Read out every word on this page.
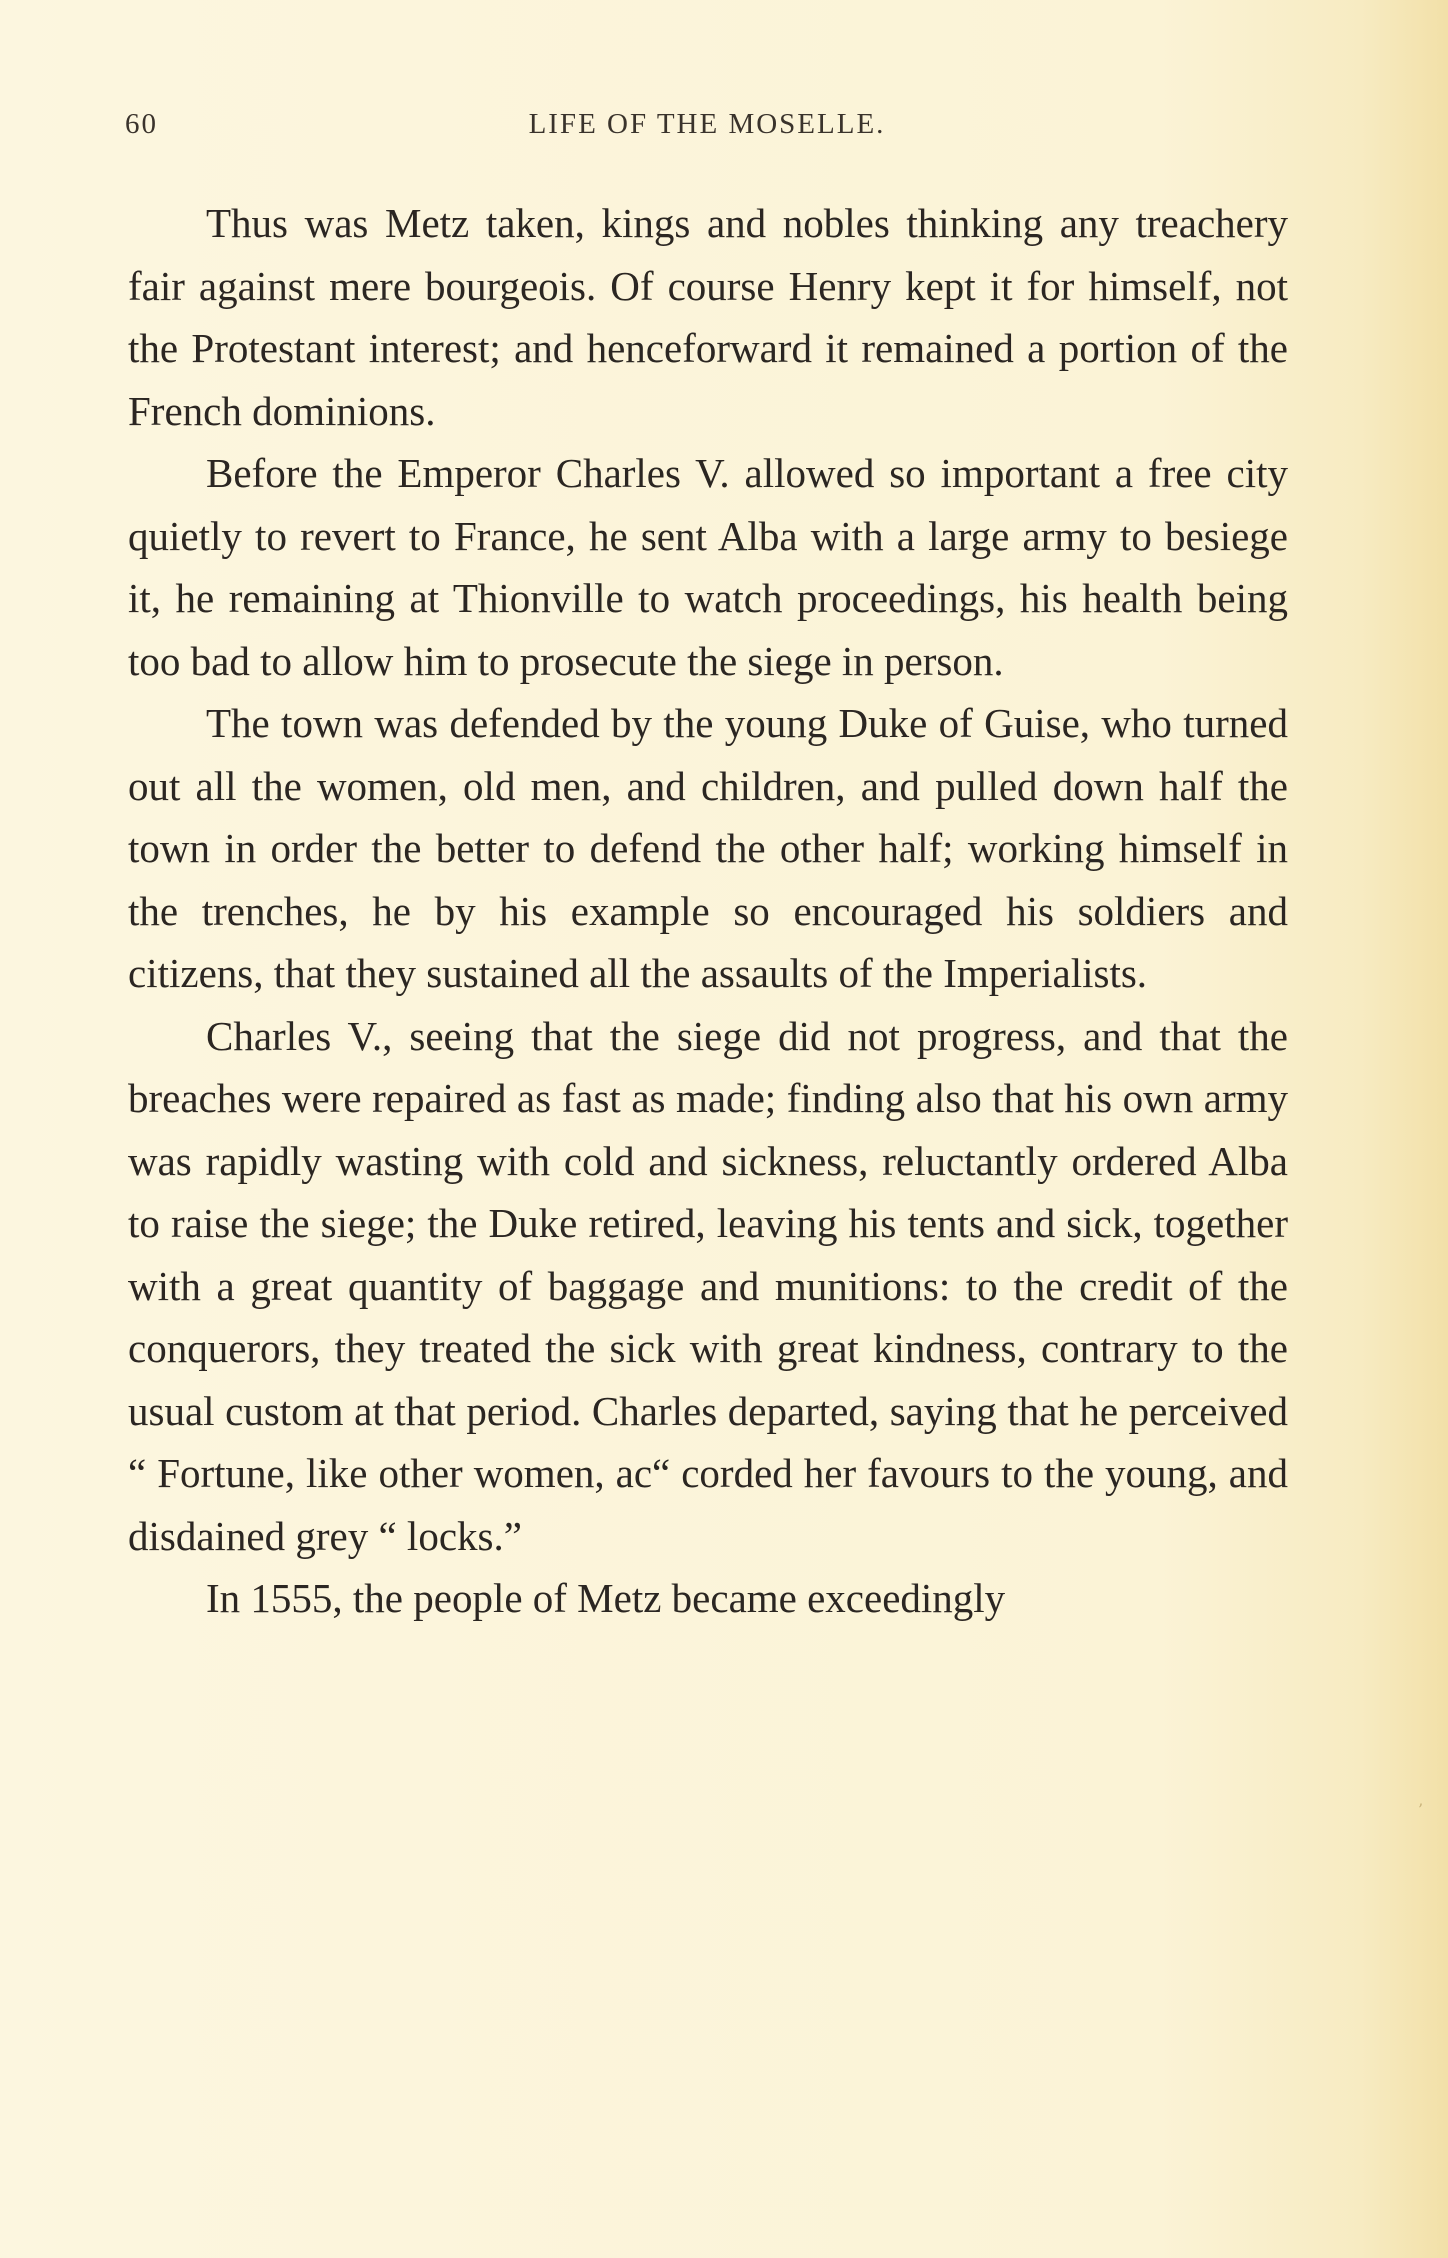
60	LIFE OF THE MOSELLE.

Thus was Metz taken, kings and nobles thinking any treachery fair against mere bourgeois. Of course Henry kept it for himself, not the Protestant interest; and henceforward it remained a portion of the French dominions.

Before the Emperor Charles V. allowed so important a free city quietly to revert to France, he sent Alba with a large army to besiege it, he remaining at Thionville to watch proceedings, his health being too bad to allow him to prosecute the siege in person.

The town was defended by the young Duke of Guise, who turned out all the women, old men, and children, and pulled down half the town in order the better to defend the other half; working himself in the trenches, he by his example so encouraged his soldiers and citizens, that they sustained all the assaults of the Imperialists.

Charles V., seeing that the siege did not progress, and that the breaches were repaired as fast as made; finding also that his own army was rapidly wasting with cold and sickness, reluctantly ordered Alba to raise the siege; the Duke retired, leaving his tents and sick, together with a great quantity of baggage and munitions: to the credit of the conquerors, they treated the sick with great kindness, contrary to the usual custom at that period. Charles departed, saying that he perceived “ Fortune, like other women, ac“ corded her favours to the young, and disdained grey “ locks.”

In 1555, the people of Metz became exceedingly

’
